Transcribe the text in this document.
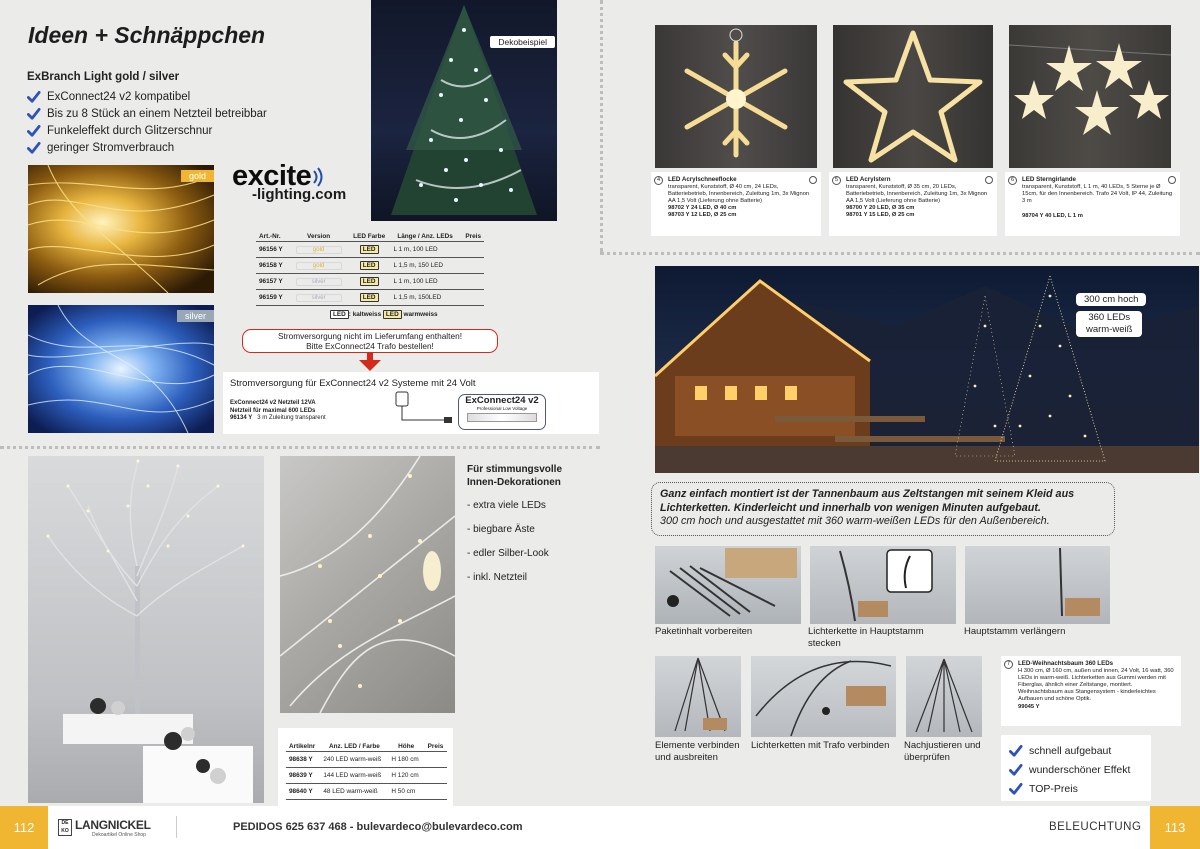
Ideen + Schnäppchen
ExBranch Light gold / silver
ExConnect24 v2 kompatibel
Bis zu 8 Stück an einem Netzteil betreibbar
Funkeleffekt durch Glitzerschnur
geringer Stromverbrauch
gold
silver
excite
-lighting.com
Dekobeispiel
Art.-Nr.	Version	LED Farbe	Länge / Anz. LEDs	Preis
96156 Y	gold	LED	L 1 m, 100 LED	
96158 Y	gold	LED	L 1,5 m, 150 LED	
96157 Y	silver	LED	L 1 m, 100 LED	
96159 Y	silver	LED	L 1,5 m, 150LED	
LED : kaltweiss LED warmweiss
Stromversorgung nicht im Lieferumfang enthalten!
Bitte ExConnect24 Trafo bestellen!
Stromversorgung für ExConnect24 v2 Systeme mit 24 Volt
ExConnect24 v2 Netzteil 12VA
Netzteil für maximal 600 LEDs
96134 Y 3 m Zuleitung transparent
ExConnect24 v2
Professional Low Voltage
Für stimmungsvolle Innen-Dekorationen
- extra viele LEDs
- biegbare Äste
- edler Silber-Look
- inkl. Netzteil
Artikelnr	Anz. LED / Farbe	Höhe	Preis
98638 Y	240 LED warm-weiß	H 180 cm	
98639 Y	144 LED warm-weiß	H 120 cm	
98640 Y	48 LED warm-weiß	H 50 cm	
4	LED Acrylschneeflocke
transparent, Kunststoff, Ø 40 cm, 24 LEDs, Batteriebetrieb, Innenbereich, Zuleitung 1m, 3x Mignon AA 1,5 Volt (Lieferung ohne Batterie)
98702 Y 24 LED, Ø 40 cm
98703 Y 12 LED, Ø 25 cm
5	LED Acrylstern
transparent, Kunststoff, Ø 35 cm, 20 LEDs, Batteriebetrieb, Innenbereich, Zuleitung 1m, 3x Mignon AA 1,5 Volt (Lieferung ohne Batterie)
98700 Y 20 LED, Ø 35 cm
98701 Y 15 LED, Ø 25 cm
6	LED Sterngirlande
transparent, Kunststoff, L 1 m, 40 LEDs, 5 Sterne je Ø 15cm, für den Innenbereich. Trafo 24 Volt, IP 44, Zuleitung 3 m
98704 Y 40 LED, L 1 m
300 cm hoch
360 LEDs
warm-weiß
Ganz einfach montiert ist der Tannenbaum aus Zeltstangen mit seinem Kleid aus Lichterketten. Kinderleicht und innerhalb von wenigen Minuten aufgebaut.
300 cm hoch und ausgestattet mit 360 warm-weißen LEDs für den Außenbereich.
Paketinhalt vorbereiten	Lichterkette in Hauptstamm stecken
Hauptstamm verlängern
Elemente verbinden und ausbreiten
Lichterketten mit Trafo verbinden	Nachjustieren und überprüfen
7	LED-Weihnachtsbaum 360 LEDs
H 300 cm, Ø 160 cm, außen und innen, 24 Volt, 16 watt, 360 LEDs in warm-weiß. Lichterketten aus Gummi werden mit Fiberglas, ähnlich einer Zeltstange, montiert. Weihnachtsbaum aus Stangensystem - kinderleichtes Aufbauen und schöne Optik.
99045 Y
schnell aufgebaut
wunderschöner Effekt
TOP-Preis
112	DEKO LANGNICKEL
Dekoartikel Online Shop
PEDIDOS 625 637 468 - bulevardeco@bulevardeco.com	BELEUCHTUNG	113
